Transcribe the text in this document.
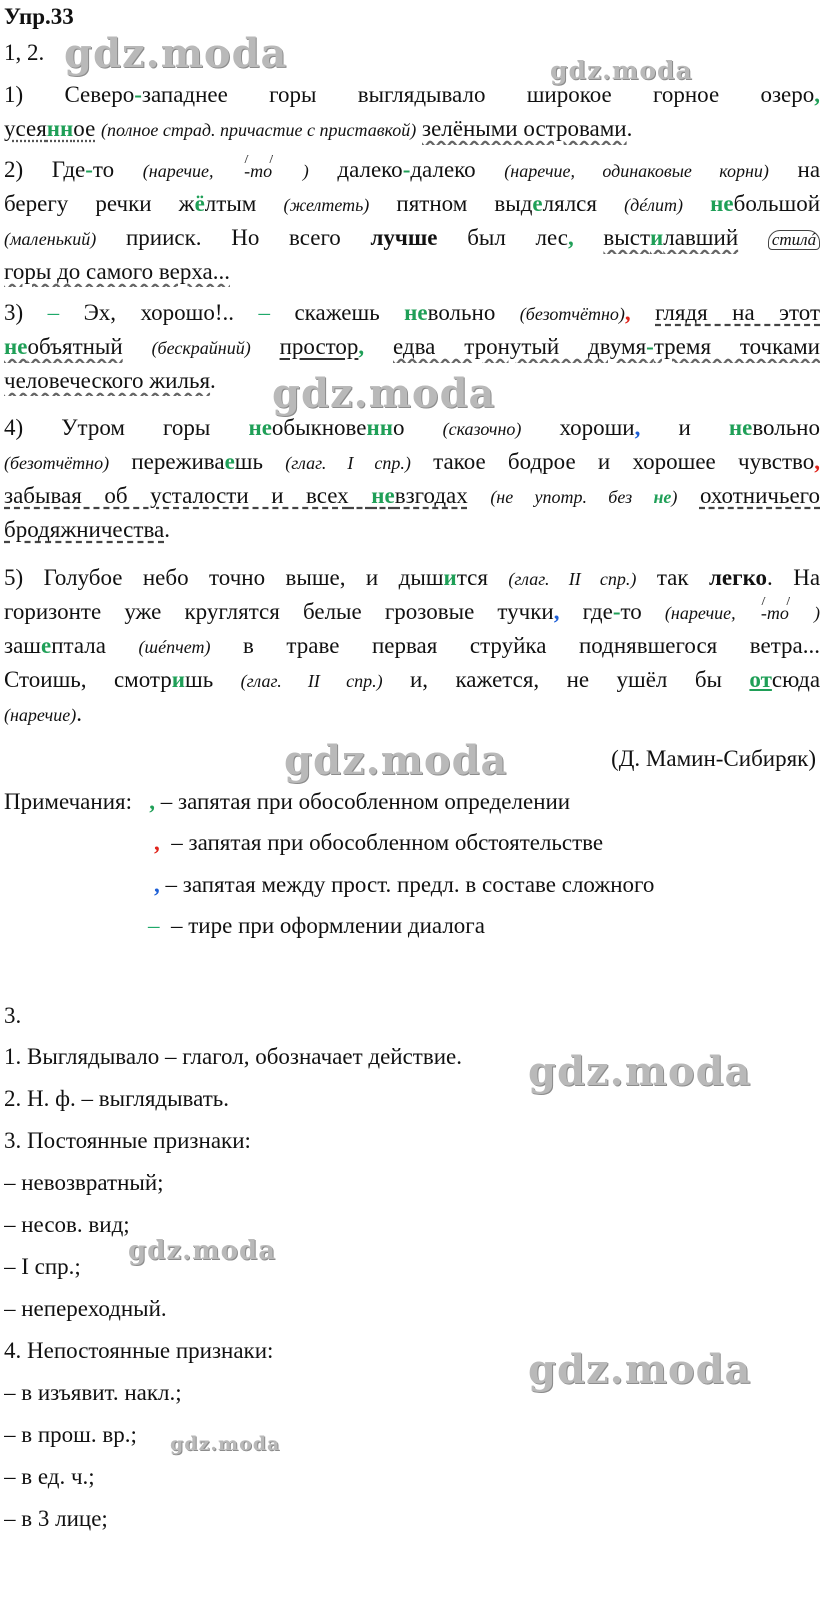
Упр.33
1, 2.
1) Северо-западнее горы выглядывало широкое горное озеро,
усеянное (полное страд. причастие с приставкой) зелёными островами.
2) Где-то (наречие, -то ) далеко-далеко (наречие, одинаковые корни) на
берегу речки жёлтым (желтеть) пятном выделялся (дéлит) небольшой
(маленький) прииск. Но всего лучше был лес, выстилавший стилá
горы до самого верха...
3) – Эх, хорошо!.. – скажешь невольно (безотчётно), глядя на этот
необъятный (бескрайний) простор, едва тронутый двумя-тремя точками
человеческого жилья.
4) Утром горы необыкновенно (сказочно) хороши, и невольно
(безотчётно) переживаешь (глаг. I спр.) такое бодрое и хорошее чувство,
забывая об усталости и всех невзгодах (не употр. без не) охотничьего
бродяжничества.
5) Голубое небо точно выше, и дышится (глаг. II спр.) так легко. На
горизонте уже круглятся белые грозовые тучки, где-то (наречие, -то )
зашептала (шéпчет) в траве первая струйка поднявшегося ветра...
Стоишь, смотришь (глаг. II спр.) и, кажется, не ушёл бы отсюда
(наречие).
(Д. Мамин-Сибиряк)
Примечания: , – запятая при обособленном определении
, – запятая при обособленном обстоятельстве
, – запятая между прост. предл. в составе сложного
– – тире при оформлении диалога
3.
1. Выглядывало – глагол, обозначает действие.
2. Н. ф. – выглядывать.
3. Постоянные признаки:
– невозвратный;
– несов. вид;
– I спр.;
– непереходный.
4. Непостоянные признаки:
– в изъявит. накл.;
– в прош. вр.;
– в ед. ч.;
– в 3 лице;
gdz.moda	gdz.moda
gdz.moda
gdz.moda
gdz.moda
gdz.moda
gdz.moda
gdz.moda
